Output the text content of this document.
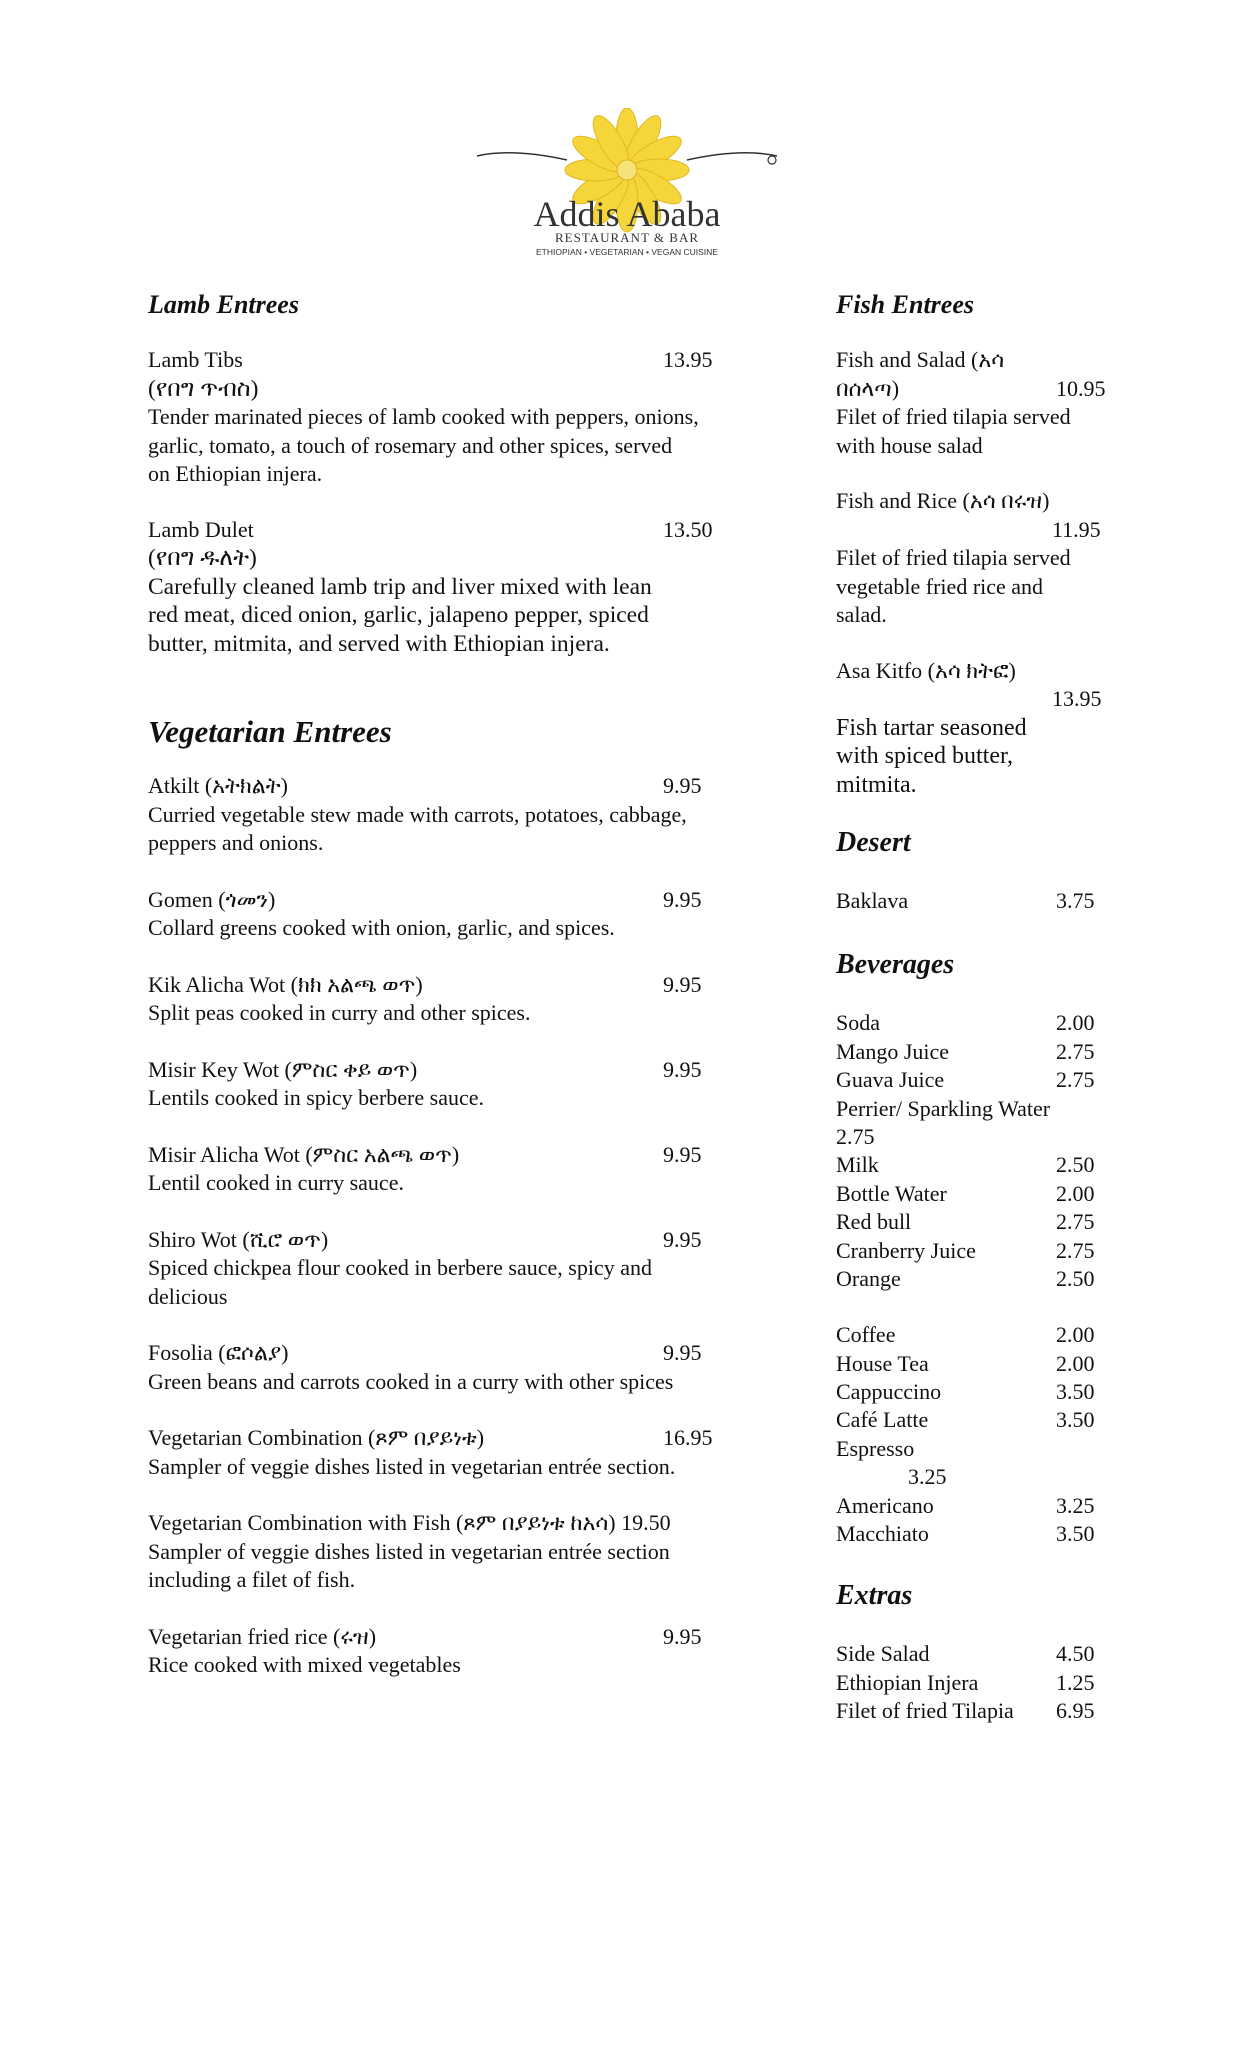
Addis Ababa
RESTAURANT & BAR
ETHIOPIAN • VEGETARIAN • VEGAN CUISINE
Lamb Entrees
Lamb Tibs	13.95
(የበግ ጥብስ)
Tender marinated pieces of lamb cooked with peppers, onions,
garlic, tomato, a touch of rosemary and other spices, served
on Ethiopian injera.
Lamb Dulet	13.50
(የበግ ዱለት)
Carefully cleaned lamb trip and liver mixed with lean
red meat, diced onion, garlic, jalapeno pepper, spiced
butter, mitmita, and served with Ethiopian injera.
Vegetarian Entrees
Atkilt (አትክልት)	9.95
Curried vegetable stew made with carrots, potatoes, cabbage,
peppers and onions.
Gomen (ጎመን)	9.95
Collard greens cooked with onion, garlic, and spices.
Kik Alicha Wot (ክክ አልጫ ወጥ)	9.95
Split peas cooked in curry and other spices.
Misir Key Wot (ምስር ቀይ ወጥ)	9.95
Lentils cooked in spicy berbere sauce.
Misir Alicha Wot (ምስር አልጫ ወጥ)	9.95
Lentil cooked in curry sauce.
Shiro Wot (ሺሮ ወጥ)	9.95
Spiced chickpea flour cooked in berbere sauce, spicy and
delicious
Fosolia (ፎሶልያ)	9.95
Green beans and carrots cooked in a curry with other spices
Vegetarian Combination (ጾም በያይነቱ)	16.95
Sampler of veggie dishes listed in vegetarian entrée section.
Vegetarian Combination with Fish (ጾም በያይነቱ ከአሳ) 19.50
Sampler of veggie dishes listed in vegetarian entrée section
including a filet of fish.
Vegetarian fried rice (ሩዝ)	9.95
Rice cooked with mixed vegetables
Fish Entrees
Fish and Salad (አሳ
በሰላጣ)	10.95
Filet of fried tilapia served
with house salad
Fish and Rice (አሳ በሩዝ)
11.95
Filet of fried tilapia served
vegetable fried rice and
salad.
Asa Kitfo (አሳ ክትፎ)
13.95
Fish tartar seasoned
with spiced butter,
mitmita.
Desert
Baklava	3.75
Beverages
Soda	2.00
Mango Juice	2.75
Guava Juice	2.75
Perrier/ Sparkling Water
2.75
Milk	2.50
Bottle Water	2.00
Red bull	2.75
Cranberry Juice	2.75
Orange	2.50
Coffee	2.00
House Tea	2.00
Cappuccino	3.50
Café Latte	3.50
Espresso
3.25
Americano	3.25
Macchiato	3.50
Extras
Side Salad	4.50
Ethiopian Injera	1.25
Filet of fried Tilapia 6.95
